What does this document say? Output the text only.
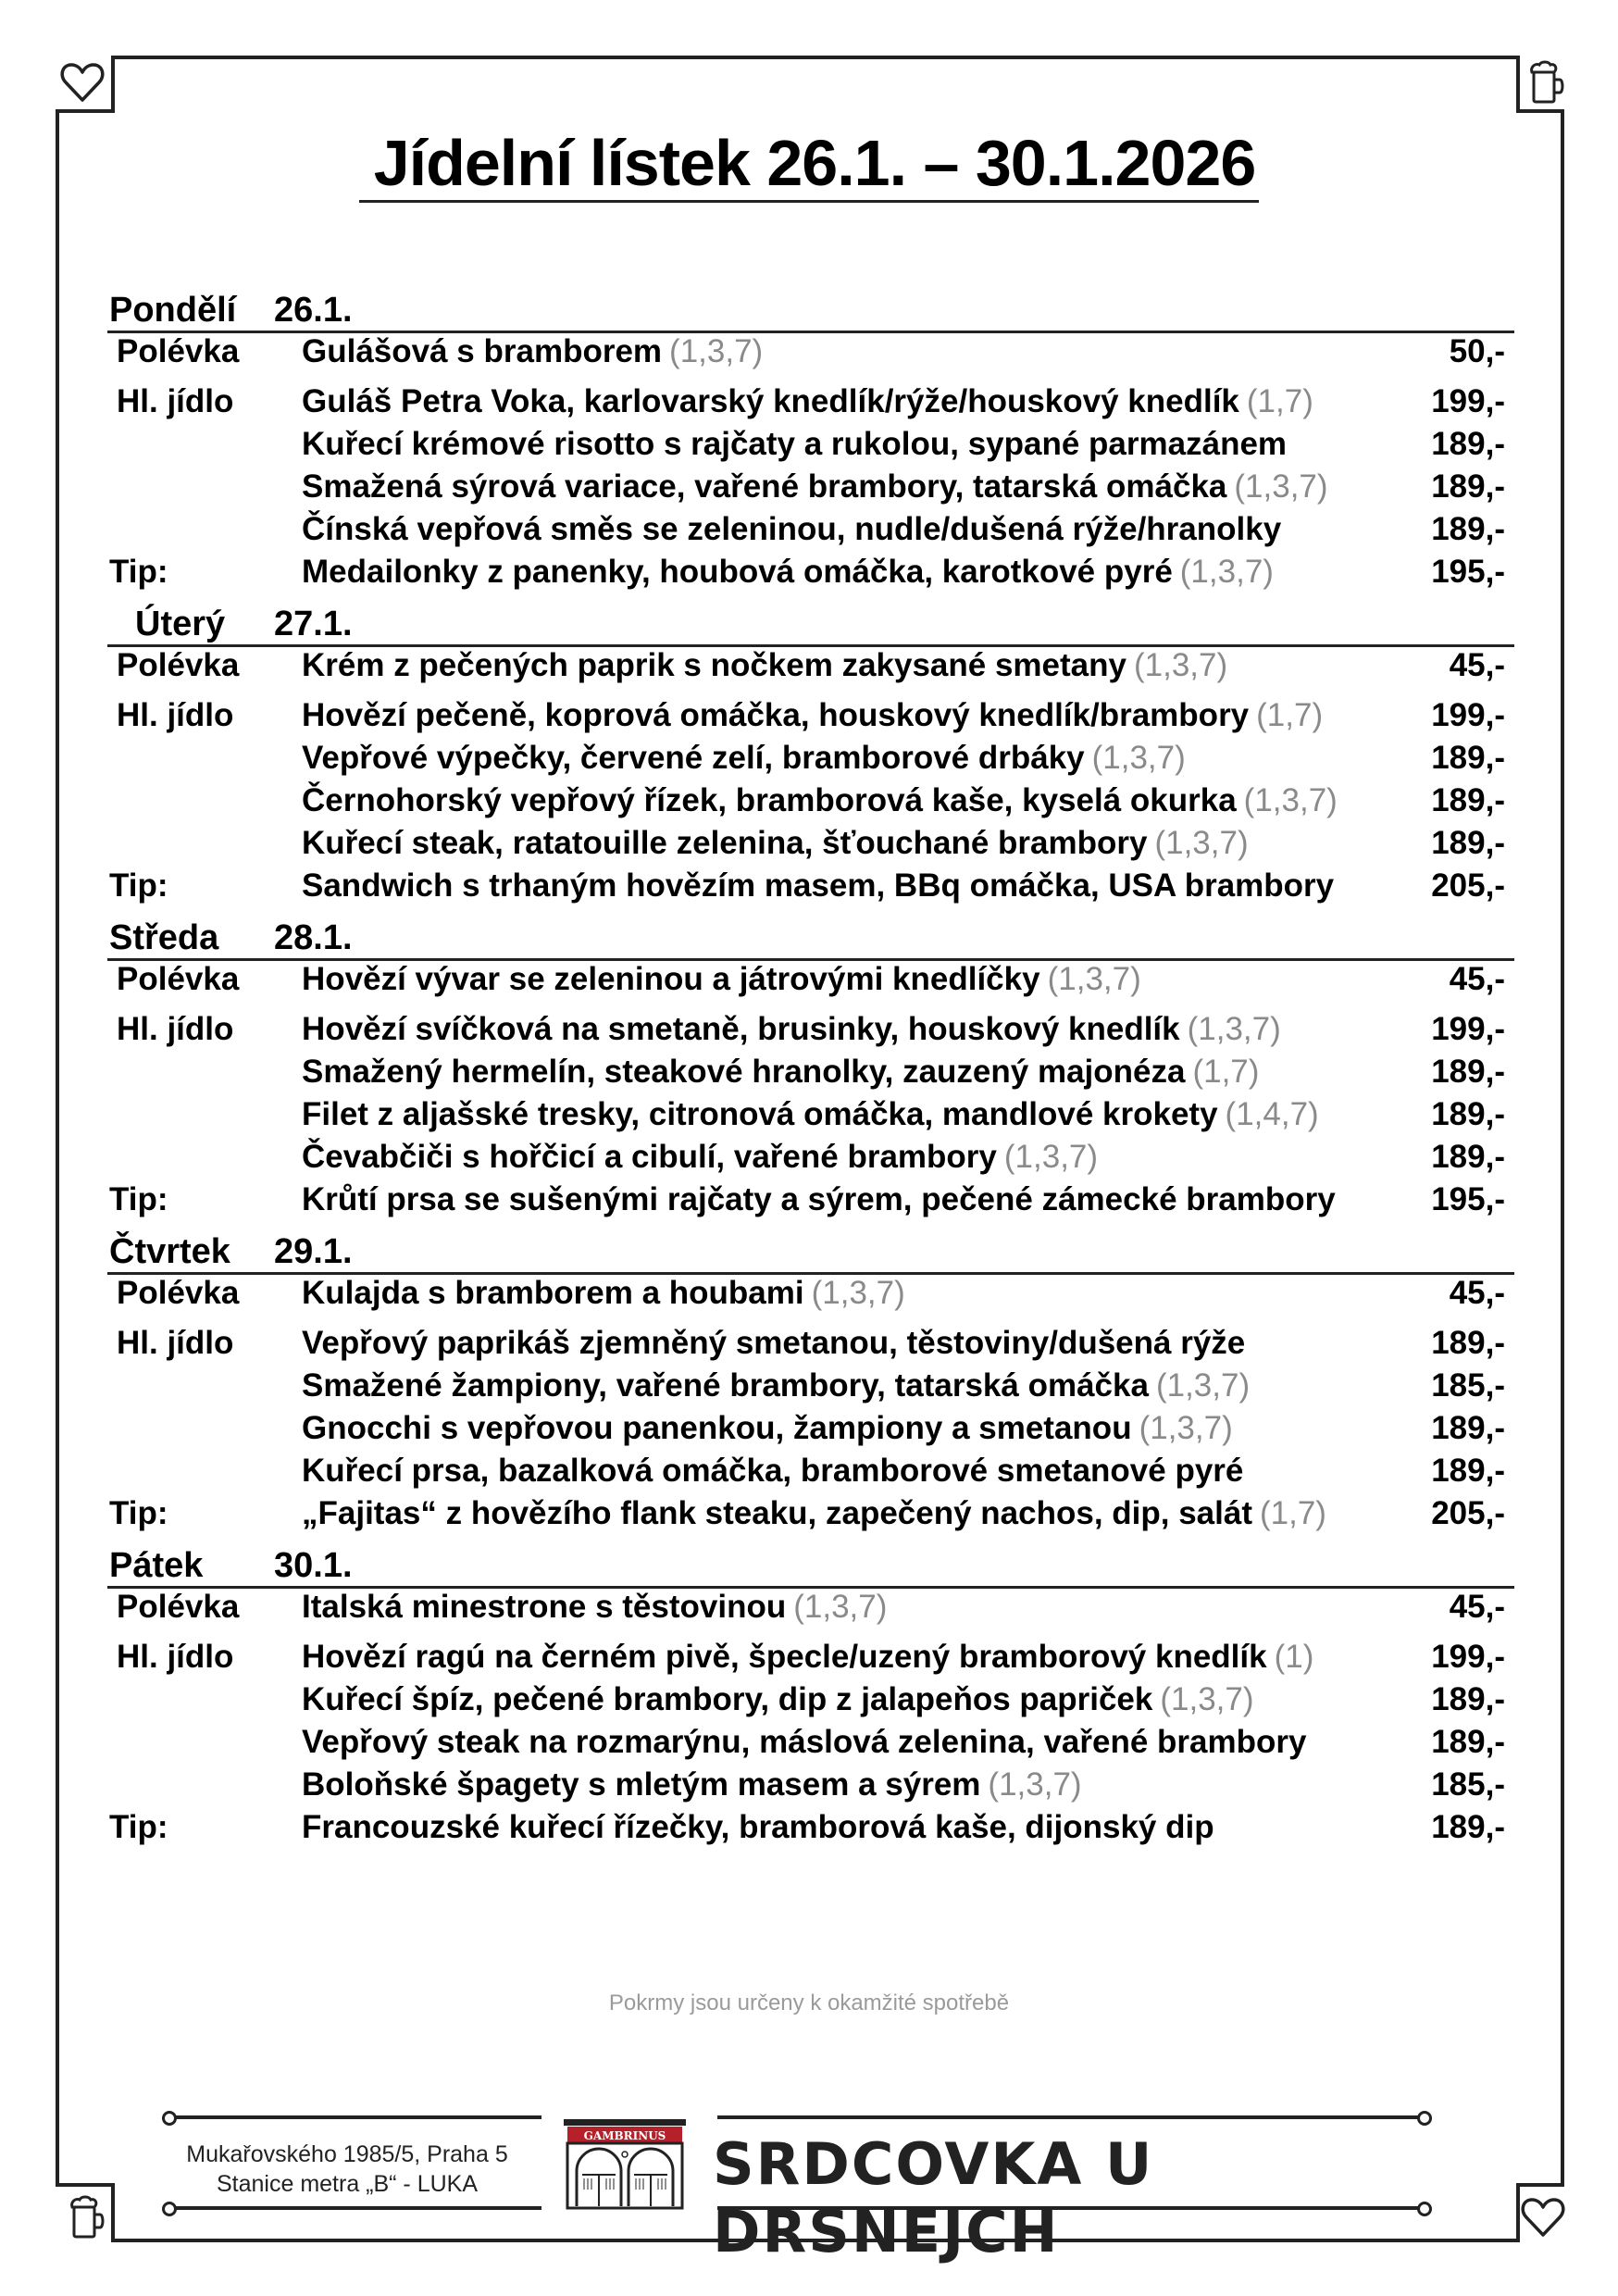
Jídelní lístek 26.1. – 30.1.2026
Pondělí	26.1.
Polévka	Gulášová s bramborem (1,3,7)	50,-
Hl. jídlo	Guláš Petra Voka, karlovarský knedlík/rýže/houskový knedlík (1,7)	199,-
Kuřecí krémové risotto s rajčaty a rukolou, sypané parmazánem	189,-
Smažená sýrová variace, vařené brambory, tatarská omáčka (1,3,7)	189,-
Čínská vepřová směs se zeleninou, nudle/dušená rýže/hranolky	189,-
Tip:	Medailonky z panenky, houbová omáčka, karotkové pyré (1,3,7)	195,-
Úterý	27.1.
Polévka	Krém z pečených paprik s nočkem zakysané smetany (1,3,7)	45,-
Hl. jídlo	Hovězí pečeně, koprová omáčka, houskový knedlík/brambory (1,7)	199,-
Vepřové výpečky, červené zelí, bramborové drbáky (1,3,7)	189,-
Černohorský vepřový řízek, bramborová kaše, kyselá okurka (1,3,7)	189,-
Kuřecí steak, ratatouille zelenina, šťouchané brambory (1,3,7)	189,-
Tip:	Sandwich s trhaným hovězím masem, BBq omáčka, USA brambory	205,-
Středa	28.1.
Polévka	Hovězí vývar se zeleninou a játrovými knedlíčky (1,3,7)	45,-
Hl. jídlo	Hovězí svíčková na smetaně, brusinky, houskový knedlík (1,3,7)	199,-
Smažený hermelín, steakové hranolky, zauzený majonéza (1,7)	189,-
Filet z aljašské tresky, citronová omáčka, mandlové krokety (1,4,7)	189,-
Čevabčiči s hořčicí a cibulí, vařené brambory (1,3,7)	189,-
Tip:	Krůtí prsa se sušenými rajčaty a sýrem, pečené zámecké brambory	195,-
Čtvrtek	29.1.
Polévka	Kulajda s bramborem a houbami (1,3,7)	45,-
Hl. jídlo	Vepřový paprikáš zjemněný smetanou, těstoviny/dušená rýže	189,-
Smažené žampiony, vařené brambory, tatarská omáčka (1,3,7)	185,-
Gnocchi s vepřovou panenkou, žampiony a smetanou (1,3,7)	189,-
Kuřecí prsa, bazalková omáčka, bramborové smetanové pyré	189,-
Tip:	„Fajitas“ z hovězího flank steaku, zapečený nachos, dip, salát (1,7)	205,-
Pátek	30.1.
Polévka	Italská minestrone s těstovinou (1,3,7)	45,-
Hl. jídlo	Hovězí ragú na černém pivě, špecle/uzený bramborový knedlík (1)	199,-
Kuřecí špíz, pečené brambory, dip z jalapeňos papriček (1,3,7)	189,-
Vepřový steak na rozmarýnu, máslová zelenina, vařené brambory	189,-
Boloňské špagety s mletým masem a sýrem (1,3,7)	185,-
Tip:	Francouzské kuřecí řízečky, bramborová kaše, dijonský dip	189,-
Pokrmy jsou určeny k okamžité spotřebě
Mukařovského 1985/5, Praha 5
Stanice metra „B“ - LUKA
GAMBRINUS SRDCOVKA U DRSNEJCH
